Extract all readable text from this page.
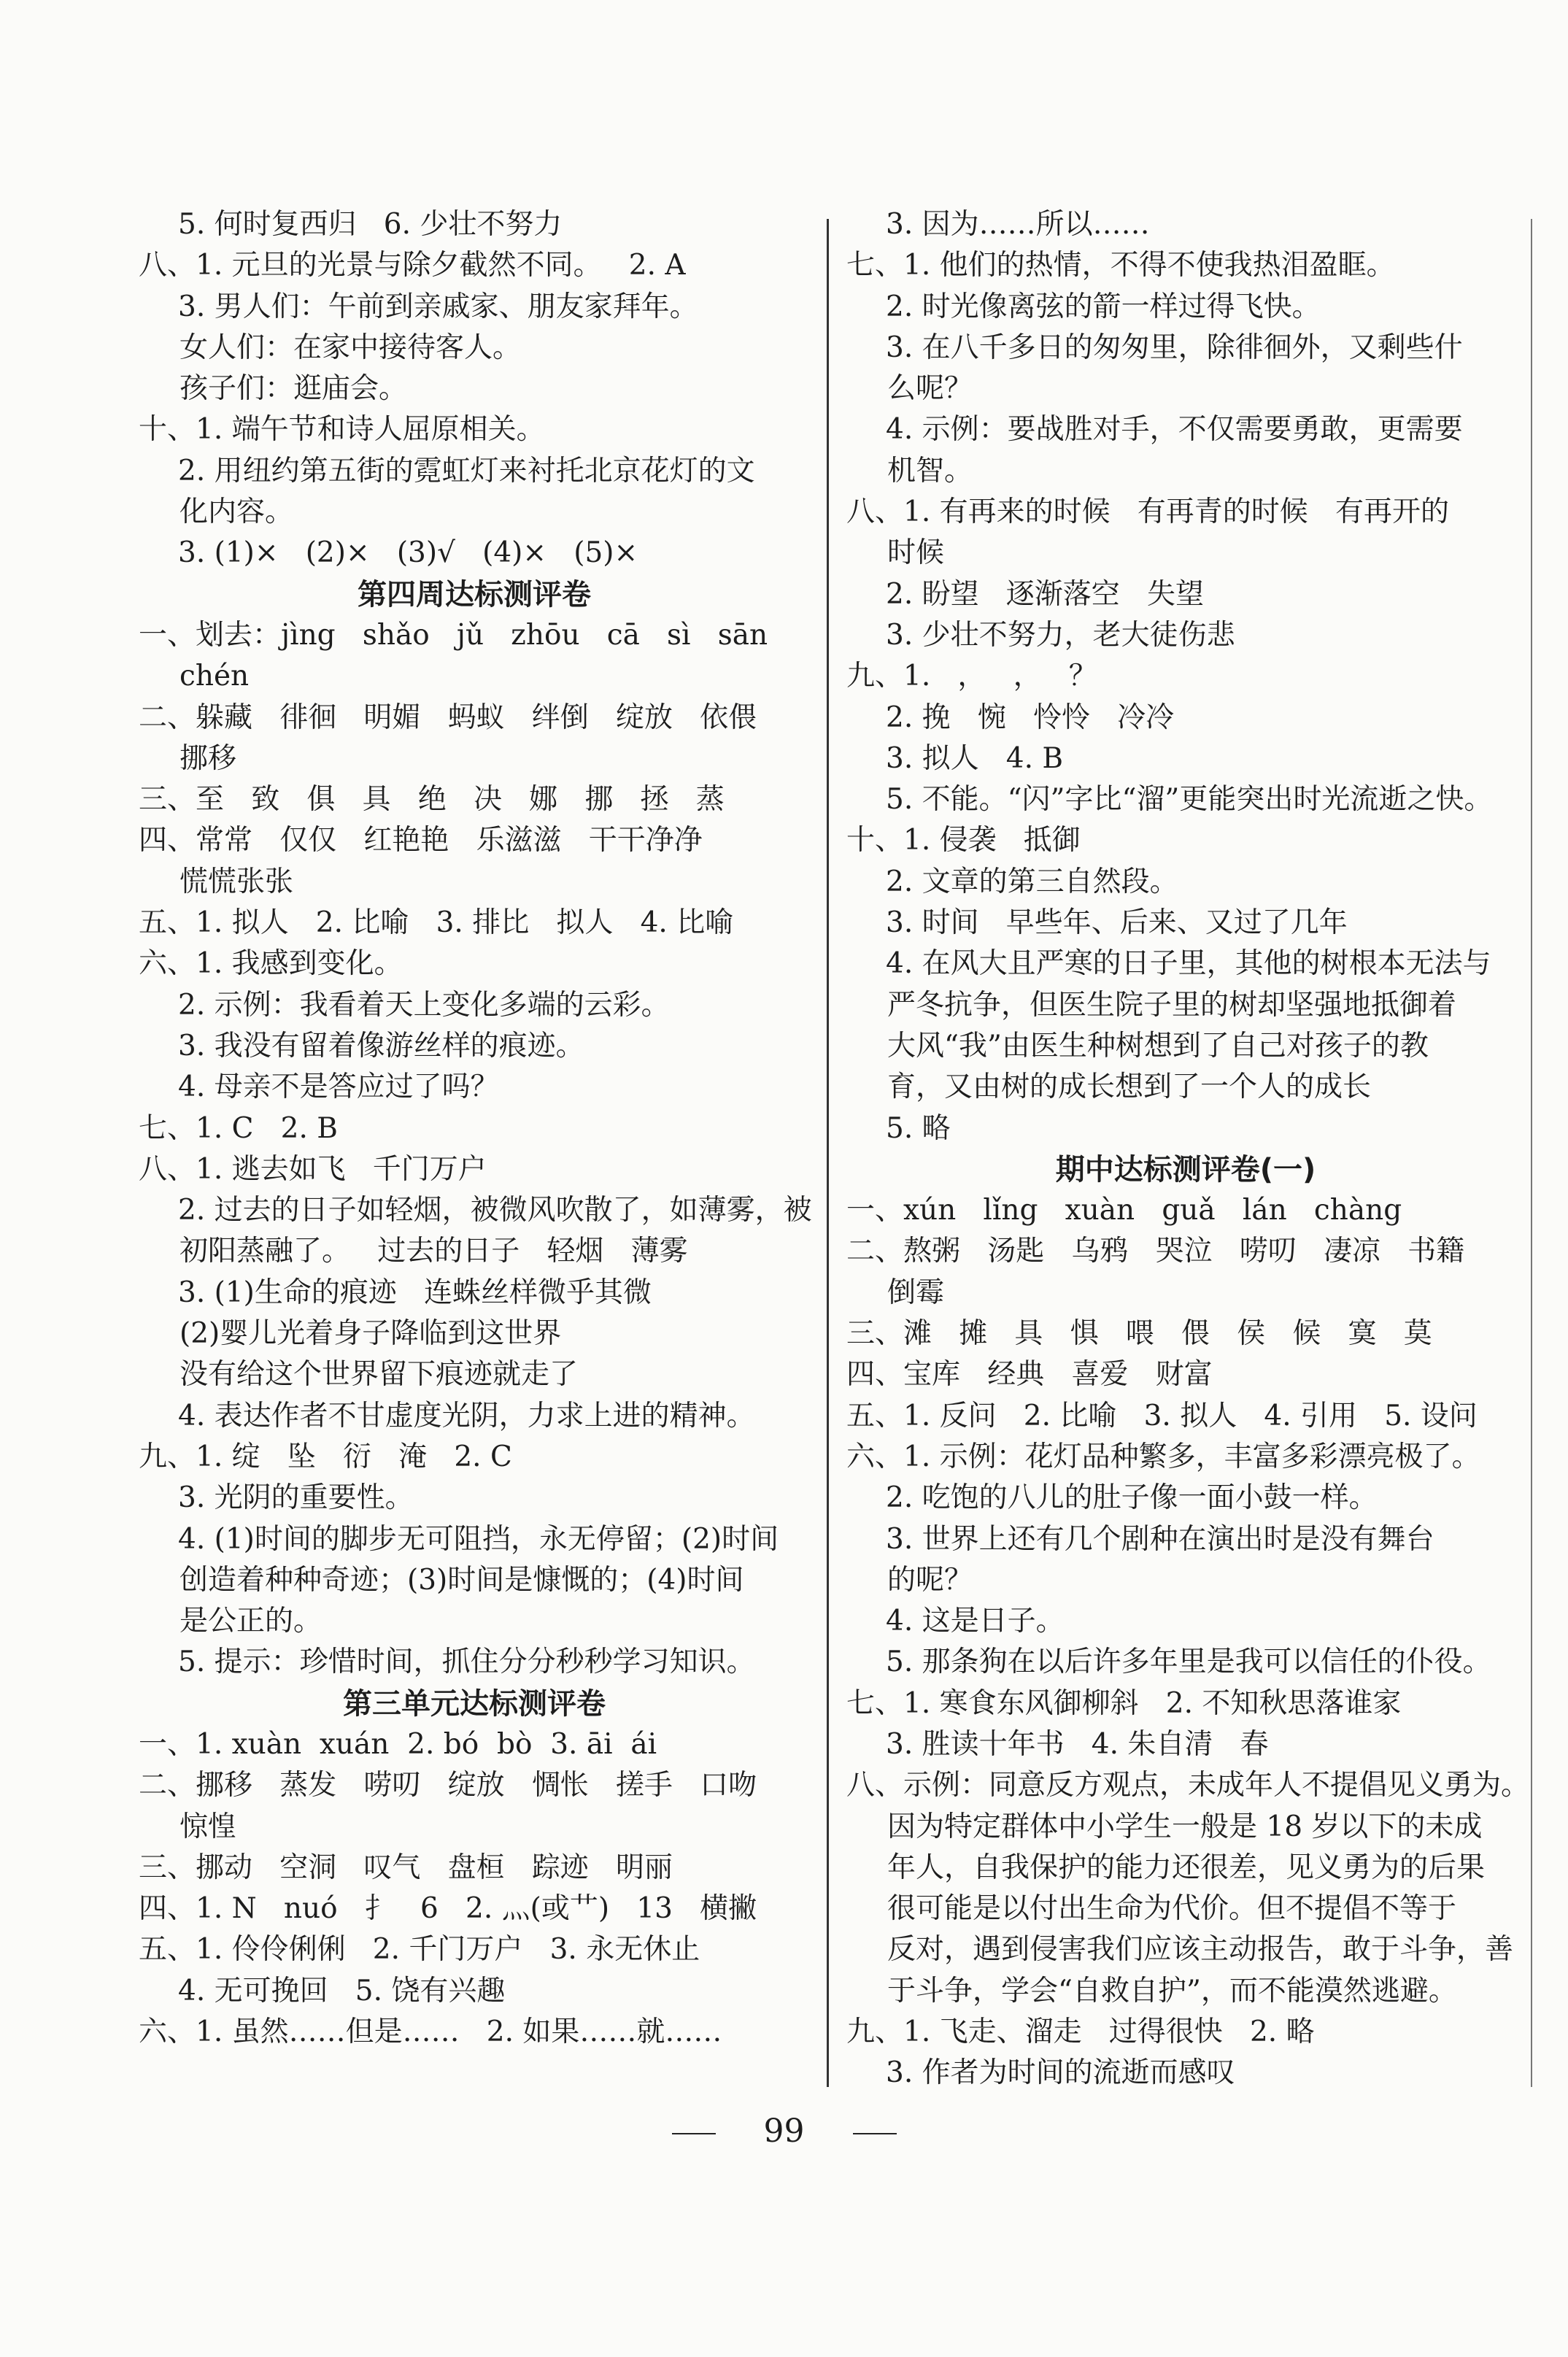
5. 何时复西归   6. 少壮不努力
八、1. 元旦的光景与除夕截然不同。   2. A
3. 男人们：午前到亲戚家、朋友家拜年。
女人们：在家中接待客人。
孩子们：逛庙会。
十、1. 端午节和诗人屈原相关。
2. 用纽约第五街的霓虹灯来衬托北京花灯的文
化内容。
3. (1)×   (2)×   (3)√   (4)×   (5)×
第四周达标测评卷
一、划去：jìng   shǎo   jǔ   zhōu   cā   sì   sān
chén
二、躲藏   徘徊   明媚   蚂蚁   绊倒   绽放   依偎
挪移
三、至   致   俱   具   绝   决   娜   挪   拯   蒸
四、常常   仅仅   红艳艳   乐滋滋   干干净净
慌慌张张
五、1. 拟人   2. 比喻   3. 排比   拟人   4. 比喻
六、1. 我感到变化。
2. 示例：我看着天上变化多端的云彩。
3. 我没有留着像游丝样的痕迹。
4. 母亲不是答应过了吗？
七、1. C   2. B
八、1. 逃去如飞   千门万户
2. 过去的日子如轻烟，被微风吹散了，如薄雾，被
初阳蒸融了。   过去的日子   轻烟   薄雾
3. (1)生命的痕迹   连蛛丝样微乎其微
(2)婴儿光着身子降临到这世界
没有给这个世界留下痕迹就走了
4. 表达作者不甘虚度光阴，力求上进的精神。
九、1. 绽   坠   衍   淹   2. C
3. 光阴的重要性。
4. (1)时间的脚步无可阻挡，永无停留；(2)时间
创造着种种奇迹；(3)时间是慷慨的；(4)时间
是公正的。
5. 提示：珍惜时间，抓住分分秒秒学习知识。
第三单元达标测评卷
一、1. xuàn  xuán  2. bó  bò  3. āi  ái
二、挪移   蒸发   唠叨   绽放   惆怅   搓手   口吻
惊惶
三、挪动   空洞   叹气   盘桓   踪迹   明丽
四、1. N   nuó   扌   6   2. 灬(或艹)   13   横撇
五、1. 伶伶俐俐   2. 千门万户   3. 永无休止
4. 无可挽回   5. 饶有兴趣
六、1. 虽然……但是……   2. 如果……就……
3. 因为……所以……
七、1. 他们的热情，不得不使我热泪盈眶。
2. 时光像离弦的箭一样过得飞快。
3. 在八千多日的匆匆里，除徘徊外，又剩些什
么呢？
4. 示例：要战胜对手，不仅需要勇敢，更需要
机智。
八、1. 有再来的时候   有再青的时候   有再开的
时候
2. 盼望   逐渐落空   失望
3. 少壮不努力，老大徒伤悲
九、1.   ，   ，   ？
2. 挽   惋   怜怜   冷冷
3. 拟人   4. B
5. 不能。“闪”字比“溜”更能突出时光流逝之快。
十、1. 侵袭   抵御
2. 文章的第三自然段。
3. 时间   早些年、后来、又过了几年
4. 在风大且严寒的日子里，其他的树根本无法与
严冬抗争，但医生院子里的树却坚强地抵御着
大风“我”由医生种树想到了自己对孩子的教
育，又由树的成长想到了一个人的成长
5. 略
期中达标测评卷(一)
一、xún   lǐng   xuàn   guǎ   lán   chàng
二、熬粥   汤匙   乌鸦   哭泣   唠叨   凄凉   书籍
倒霉
三、滩   摊   具   惧   喂   偎   侯   候   寞   莫
四、宝库   经典   喜爱   财富
五、1. 反问   2. 比喻   3. 拟人   4. 引用   5. 设问
六、1. 示例：花灯品种繁多，丰富多彩漂亮极了。
2. 吃饱的八儿的肚子像一面小鼓一样。
3. 世界上还有几个剧种在演出时是没有舞台
的呢？
4. 这是日子。
5. 那条狗在以后许多年里是我可以信任的仆役。
七、1. 寒食东风御柳斜   2. 不知秋思落谁家
3. 胜读十年书   4. 朱自清   春
八、示例：同意反方观点，未成年人不提倡见义勇为。
因为特定群体中小学生一般是 18 岁以下的未成
年人，自我保护的能力还很差，见义勇为的后果
很可能是以付出生命为代价。但不提倡不等于
反对，遇到侵害我们应该主动报告，敢于斗争，善
于斗争，学会“自救自护”，而不能漠然逃避。
九、1. 飞走、溜走   过得很快   2. 略
3. 作者为时间的流逝而感叹
99
